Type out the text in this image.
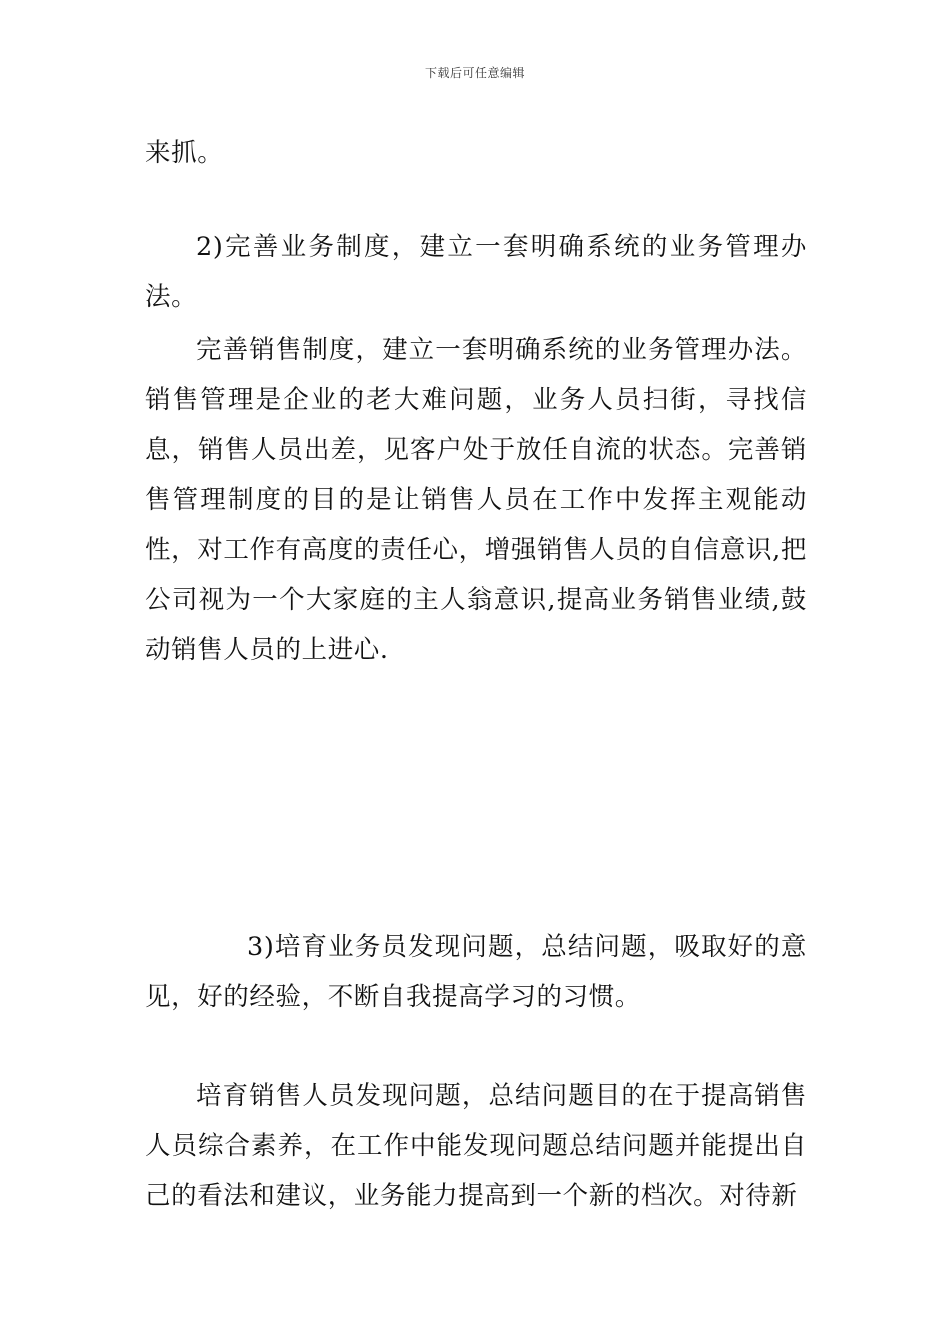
下载后可任意编辑
来抓。
2)完善业务制度，建立一套明确系统的业务管理办法。
完善销售制度，建立一套明确系统的业务管理办法。销售管理是企业的老大难问题，业务人员扫街，寻找信息，销售人员出差，见客户处于放任自流的状态。完善销售管理制度的目的是让销售人员在工作中发挥主观能动性，对工作有高度的责任心，增强销售人员的自信意识,把公司视为一个大家庭的主人翁意识,提高业务销售业绩,鼓动销售人员的上进心.
3)培育业务员发现问题，总结问题，吸取好的意见，好的经验，不断自我提高学习的习惯。
培育销售人员发现问题，总结问题目的在于提高销售人员综合素养，在工作中能发现问题总结问题并能提出自己的看法和建议，业务能力提高到一个新的档次。对待新
